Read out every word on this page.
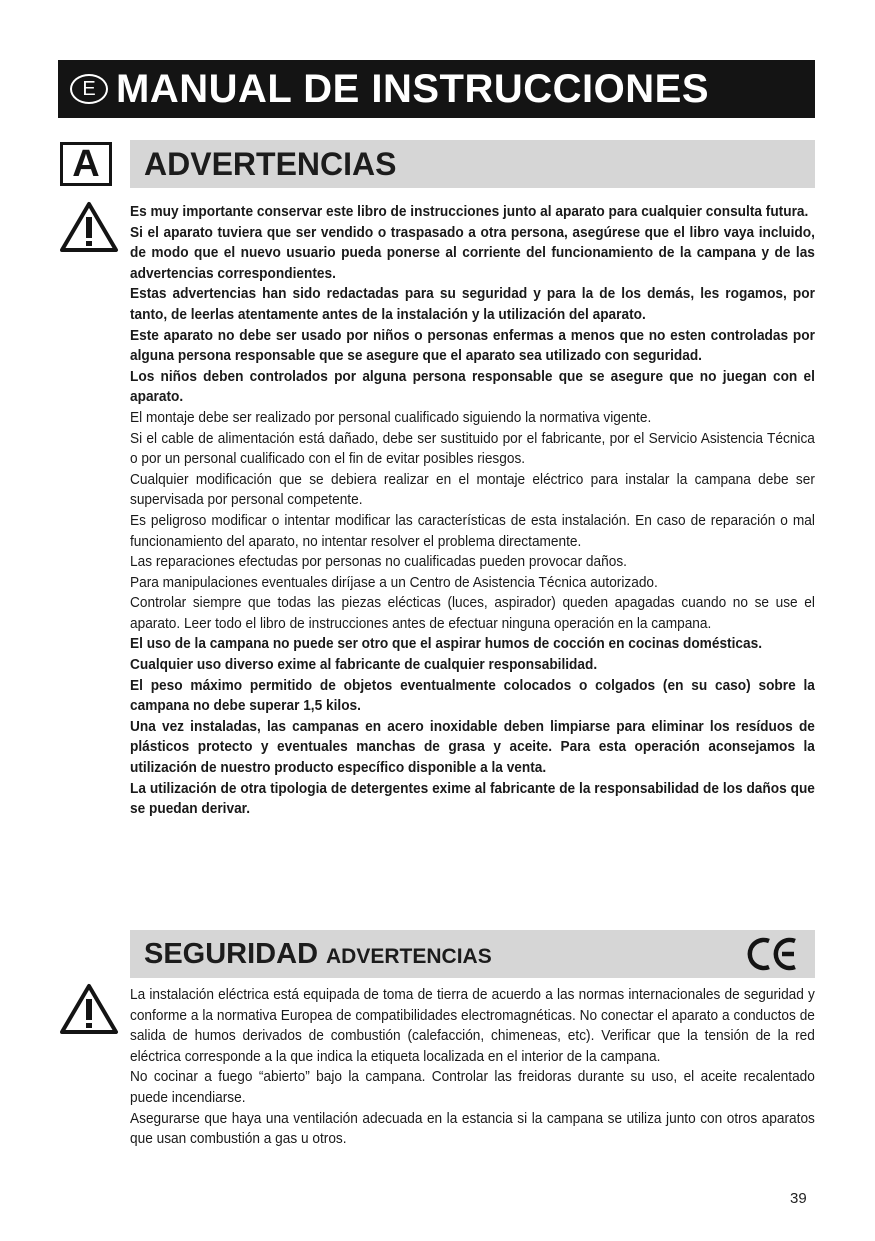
E MANUAL DE INSTRUCCIONES
A	ADVERTENCIAS

Es muy importante conservar este libro de instrucciones junto al aparato para cualquier consulta futura.

Si el aparato tuviera que ser vendido o traspasado a otra persona, asegúrese que el libro vaya incluido, de modo que el nuevo usuario pueda ponerse al corriente del funcionamiento de la campana y de las advertencias correspondientes.

Estas advertencias han sido redactadas para su seguridad y para la de los demás, les rogamos, por tanto, de leerlas atentamente antes de la instalación y la utilización del aparato.

Este aparato no debe ser usado por niños o personas enfermas a menos que no esten controladas por alguna persona responsable que se asegure que el aparato sea utilizado con seguridad.

Los niños deben controlados por alguna persona responsable que se asegure que no juegan con el aparato.

El montaje debe ser realizado por personal cualificado siguiendo la normativa vigente.

Si el cable de alimentación está dañado, debe ser sustituido por el fabricante, por el Servicio Asistencia Técnica o por un personal cualificado con el fin de evitar posibles riesgos.

Cualquier modificación que se debiera realizar en el montaje eléctrico para instalar la campana debe ser supervisada por personal competente.

Es peligroso modificar o intentar modificar las características de esta instalación. En caso de reparación o mal funcionamiento del aparato, no intentar resolver el problema directamente.

Las reparaciones efectudas por personas no cualificadas pueden provocar daños.

Para manipulaciones eventuales diríjase a un Centro de Asistencia Técnica autorizado.

Controlar siempre que todas las piezas elécticas (luces, aspirador) queden apagadas cuando no se use el aparato. Leer todo el libro de instrucciones antes de efectuar ninguna operación en la campana.

El uso de la campana no puede ser otro que el aspirar humos de cocción en cocinas domésticas.

Cualquier uso diverso exime al fabricante de cualquier responsabilidad.

El peso máximo permitido de objetos eventualmente colocados o colgados (en su caso) sobre la campana no debe superar 1,5 kilos.

Una vez instaladas, las campanas en acero inoxidable deben limpiarse para eliminar los resíduos de plásticos protecto y eventuales manchas de grasa y aceite. Para esta operación aconsejamos la utilización de nuestro producto específico disponible a la venta.

La utilización de otra tipologia de detergentes exime al fabricante de la responsabilidad de los daños que se puedan derivar.

SEGURIDAD ADVERTENCIAS

La instalación eléctrica está equipada de toma de tierra de acuerdo a las normas internacionales de seguridad y conforme a la normativa Europea de compatibilidades electromagnéticas. No conectar el aparato a conductos de salida de humos derivados de combustión (calefacción, chimeneas, etc). Verificar que la tensión de la red eléctrica corresponde a la que indica la etiqueta localizada en el interior de la campana.

No cocinar a fuego “abierto” bajo la campana. Controlar las freidoras durante su uso, el aceite recalentado puede incendiarse.

Asegurarse que haya una ventilación adecuada en la estancia si la campana se utiliza junto con otros aparatos que usan combustión a gas u otros.

39
